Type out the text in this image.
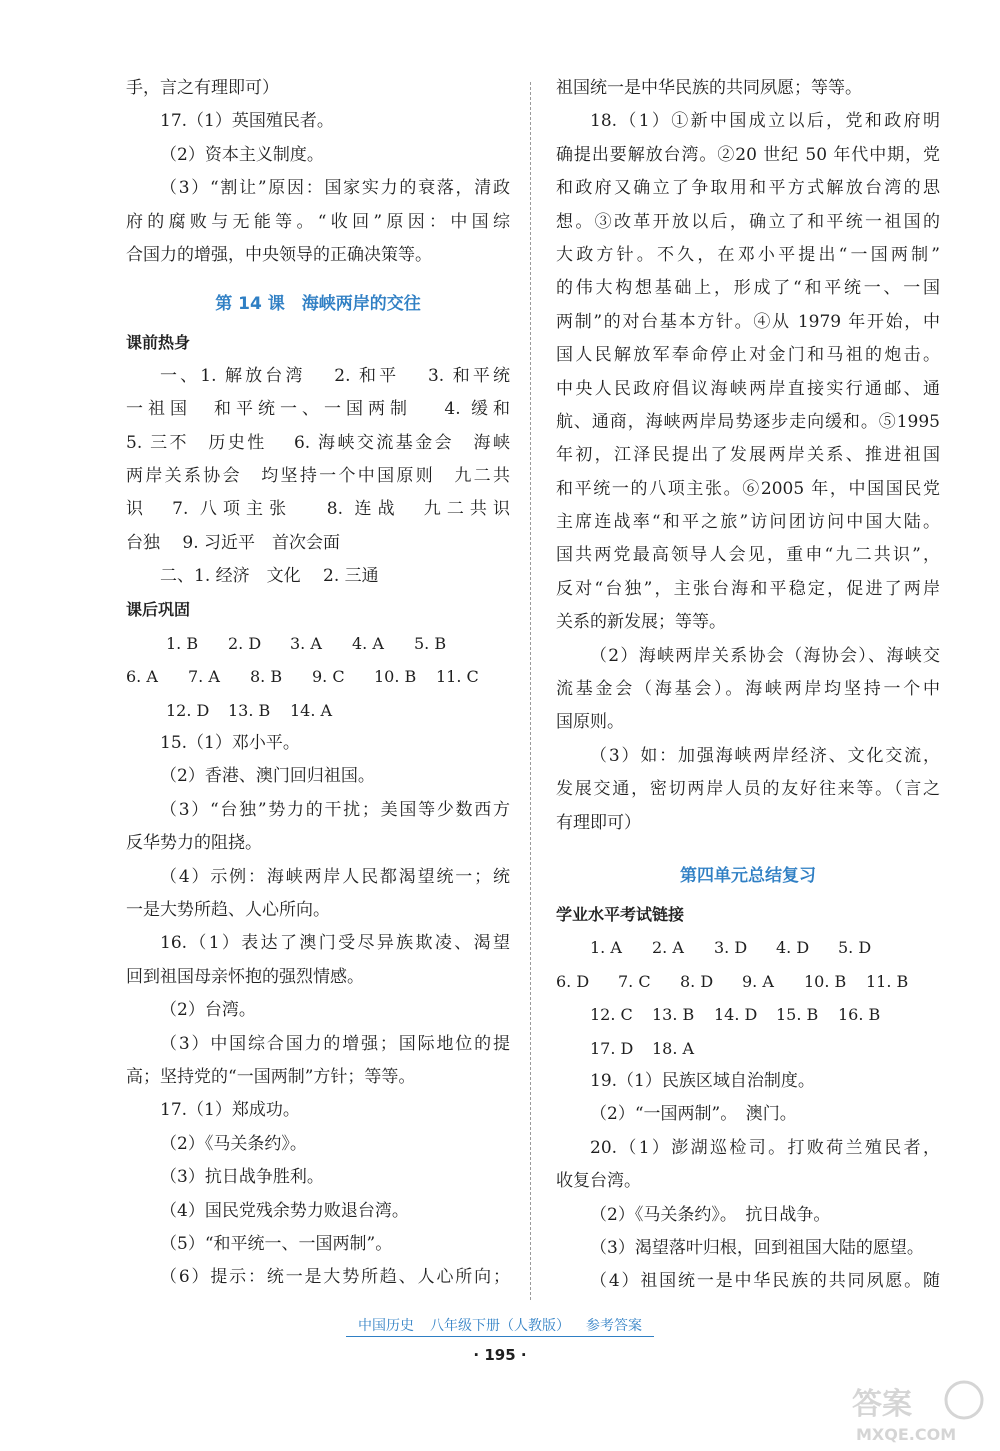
手，言之有理即可）
17.（1）英国殖民者。
（2）资本主义制度。
（3）“割让”原因：国家实力的衰落，清政
府的腐败与无能等。“收回”原因：中国综
合国力的增强，中央领导的正确决策等。
第 14 课　海峡两岸的交往
课前热身
一、1. 解放台湾　 2. 和平　 3. 和平统
一祖国　和平统一、一国两制　 4. 缓和
5. 三不　历史性　 6. 海峡交流基金会　海峡
两岸关系协会　均坚持一个中国原则　九二共
识　7. 八项主张　 8. 连战　九二共识
台独　 9. 习近平　首次会面
二、1. 经济　文化　 2. 三通
课后巩固
1. B 2. D 3. A 4. A 5. B
6. A 7. A 8. B 9. C 10. B 11. C
12. D 13. B 14. A
15.（1）邓小平。
（2）香港、澳门回归祖国。
（3）“台独”势力的干扰；美国等少数西方
反华势力的阻挠。
（4）示例：海峡两岸人民都渴望统一；统
一是大势所趋、人心所向。
16.（1）表达了澳门受尽异族欺凌、渴望
回到祖国母亲怀抱的强烈情感。
（2）台湾。
（3）中国综合国力的增强；国际地位的提
高；坚持党的“一国两制”方针；等等。
17.（1）郑成功。
（2）《马关条约》。
（3）抗日战争胜利。
（4）国民党残余势力败退台湾。
（5）“和平统一、一国两制”。
（6）提示：统一是大势所趋、人心所向；
祖国统一是中华民族的共同夙愿；等等。
18.（1）①新中国成立以后，党和政府明
确提出要解放台湾。②20 世纪 50 年代中期，党
和政府又确立了争取用和平方式解放台湾的思
想。③改革开放以后，确立了和平统一祖国的
大政方针。不久，在邓小平提出“一国两制”
的伟大构想基础上，形成了“和平统一、一国
两制”的对台基本方针。④从 1979 年开始，中
国人民解放军奉命停止对金门和马祖的炮击。
中央人民政府倡议海峡两岸直接实行通邮、通
航、通商，海峡两岸局势逐步走向缓和。⑤1995
年初，江泽民提出了发展两岸关系、推进祖国
和平统一的八项主张。⑥2005 年，中国国民党
主席连战率“和平之旅”访问团访问中国大陆。
国共两党最高领导人会见，重申“九二共识”，
反对“台独”，主张台海和平稳定，促进了两岸
关系的新发展；等等。
（2）海峡两岸关系协会（海协会）、海峡交
流基金会（海基会）。海峡两岸均坚持一个中
国原则。
（3）如：加强海峡两岸经济、文化交流，
发展交通，密切两岸人员的友好往来等。（言之
有理即可）
第四单元总结复习
学业水平考试链接
1. A 2. A 3. D 4. D 5. D
6. D 7. C 8. D 9. A 10. B 11. B
12. C 13. B 14. D 15. B 16. B
17. D 18. A
19.（1）民族区域自治制度。
（2）“一国两制”。　澳门。
20.（1）澎湖巡检司。打败荷兰殖民者，
收复台湾。
（2）《马关条约》。　抗日战争。
（3）渴望落叶归根，回到祖国大陆的愿望。
（4）祖国统一是中华民族的共同夙愿。随
中国历史 八年级下册（人教版） 参考答案
· 195 ·
答案
MXQE.COM
